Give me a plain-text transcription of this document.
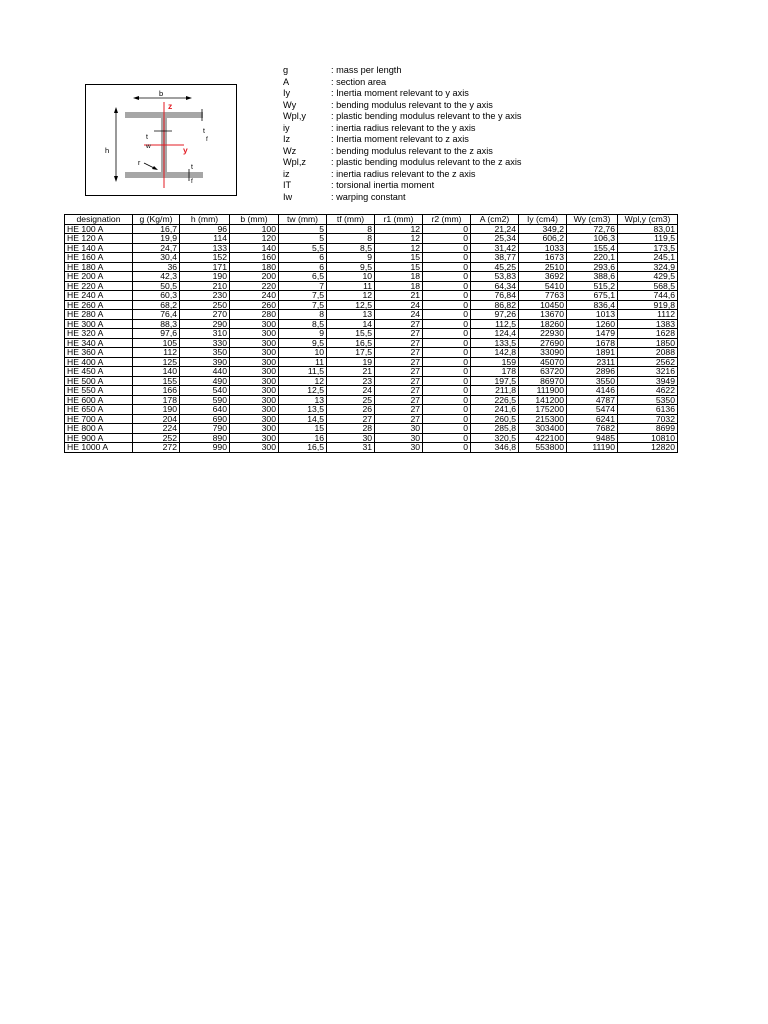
b
h
z
y
t
f
t
w
r
t
f
g	: mass per length
A	: section area
Iy	: Inertia moment relevant to y axis
Wy	: bending modulus relevant to the y axis
Wpl,y	: plastic bending modulus relevant to the y axis
iy	: inertia radius relevant to the y axis
Iz	: Inertia moment relevant to z axis
Wz	: bending modulus relevant to the z axis
Wpl,z	: plastic bending modulus relevant to the z axis
iz	: inertia radius relevant to the z axis
IT	: torsional inertia moment
Iw	: warping constant
designation	g (Kg/m)	h (mm)	b (mm)	tw (mm)	tf (mm)	r1 (mm)	r2 (mm)	A (cm2)	Iy (cm4)	Wy (cm3)	Wpl,y (cm3)
HE 100 A	16,7	96	100	5	8	12	0	21,24	349,2	72,76	83,01
HE 120 A	19,9	114	120	5	8	12	0	25,34	606,2	106,3	119,5
HE 140 A	24,7	133	140	5,5	8,5	12	0	31,42	1033	155,4	173,5
HE 160 A	30,4	152	160	6	9	15	0	38,77	1673	220,1	245,1
HE 180 A	36	171	180	6	9,5	15	0	45,25	2510	293,6	324,9
HE 200 A	42,3	190	200	6,5	10	18	0	53,83	3692	388,6	429,5
HE 220 A	50,5	210	220	7	11	18	0	64,34	5410	515,2	568,5
HE 240 A	60,3	230	240	7,5	12	21	0	76,84	7763	675,1	744,6
HE 260 A	68,2	250	260	7,5	12,5	24	0	86,82	10450	836,4	919,8
HE 280 A	76,4	270	280	8	13	24	0	97,26	13670	1013	1112
HE 300 A	88,3	290	300	8,5	14	27	0	112,5	18260	1260	1383
HE 320 A	97,6	310	300	9	15,5	27	0	124,4	22930	1479	1628
HE 340 A	105	330	300	9,5	16,5	27	0	133,5	27690	1678	1850
HE 360 A	112	350	300	10	17,5	27	0	142,8	33090	1891	2088
HE 400 A	125	390	300	11	19	27	0	159	45070	2311	2562
HE 450 A	140	440	300	11,5	21	27	0	178	63720	2896	3216
HE 500 A	155	490	300	12	23	27	0	197,5	86970	3550	3949
HE 550 A	166	540	300	12,5	24	27	0	211,8	111900	4146	4622
HE 600 A	178	590	300	13	25	27	0	226,5	141200	4787	5350
HE 650 A	190	640	300	13,5	26	27	0	241,6	175200	5474	6136
HE 700 A	204	690	300	14,5	27	27	0	260,5	215300	6241	7032
HE 800 A	224	790	300	15	28	30	0	285,8	303400	7682	8699
HE 900 A	252	890	300	16	30	30	0	320,5	422100	9485	10810
HE 1000 A	272	990	300	16,5	31	30	0	346,8	553800	11190	12820
